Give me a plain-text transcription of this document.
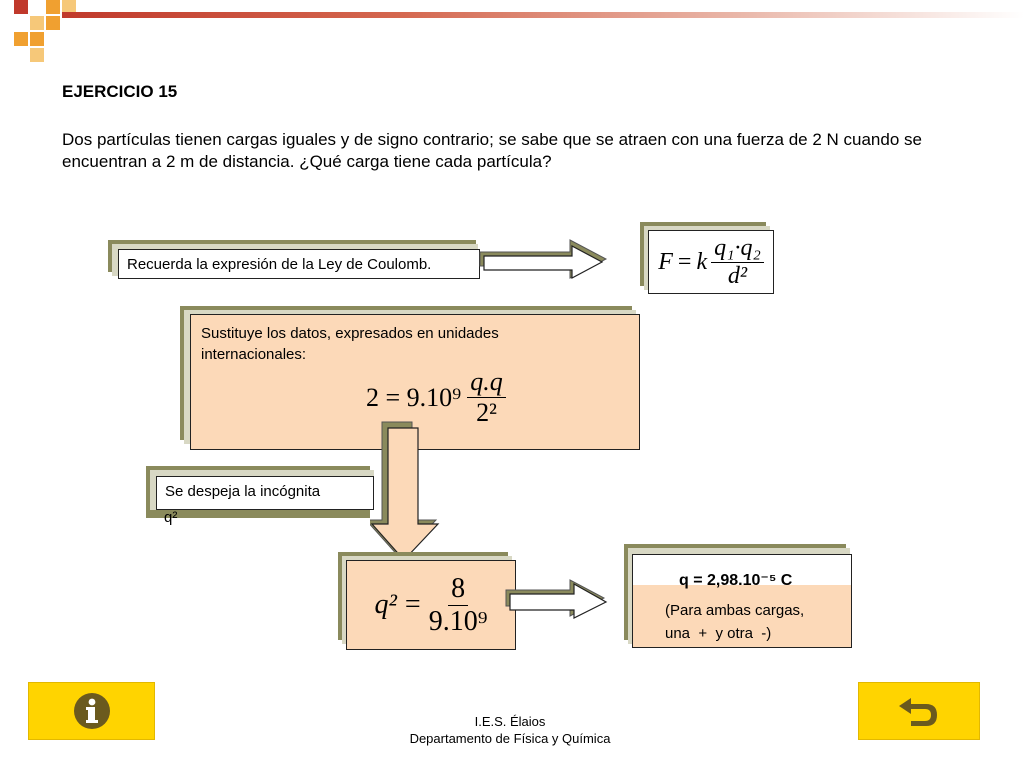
EJERCICIO 15
Dos partículas tienen cargas iguales y de signo contrario; se sabe que se atraen con una fuerza de 2 N cuando se encuentran a 2 m de distancia. ¿Qué carga tiene cada partícula?
Recuerda la expresión de la Ley de Coulomb.	F = k $\frac{\text{q₁·q₂}}{\text{d²}}$
Sustituye los datos, expresados en unidades internacionales:
$2 = 9.10^9 \frac{q.q}{\text{2²}}$
Se despeja la incógnita
q²
$q^2 = \frac{8}{\text{9.10⁹}}$	q = 2,98.10⁻⁵ C
(Para ambas cargas,
una  +  y otra  -)
I.E.S. Élaios
Departamento de Física y Química
